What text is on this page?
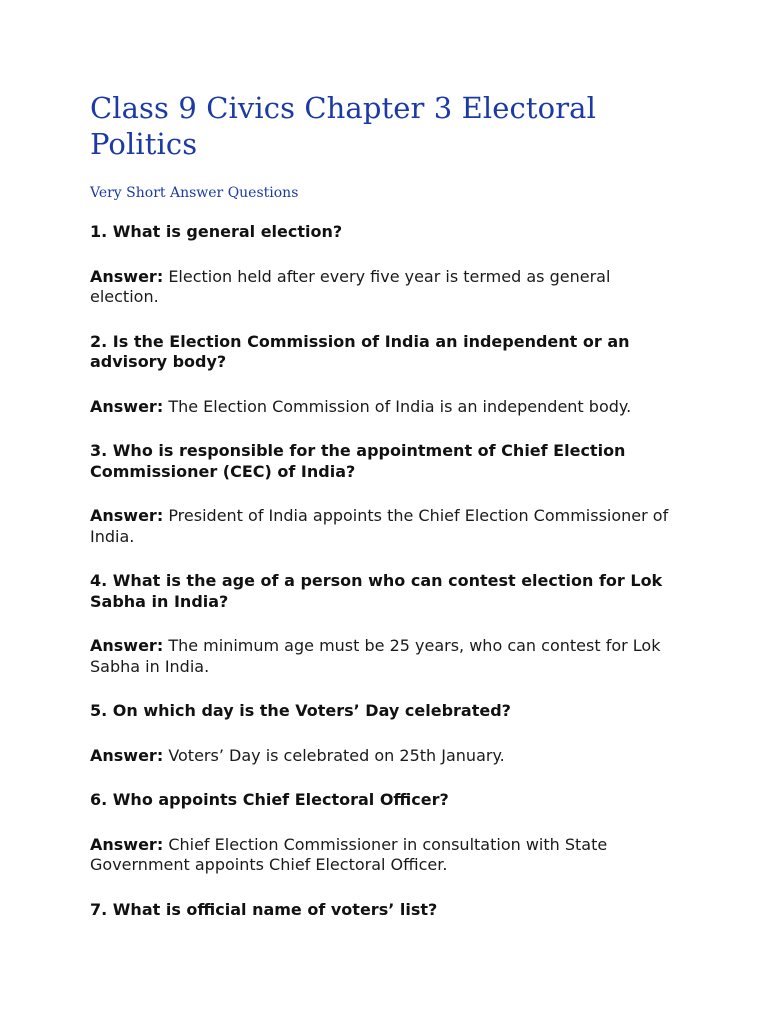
Class 9 Civics Chapter 3 Electoral Politics
Very Short Answer Questions
1. What is general election?
Answer: Election held after every five year is termed as general election.
2. Is the Election Commission of India an independent or an advisory body?
Answer: The Election Commission of India is an independent body.
3. Who is responsible for the appointment of Chief Election Commissioner (CEC) of India?
Answer: President of India appoints the Chief Election Commissioner of India.
4. What is the age of a person who can contest election for Lok Sabha in India?
Answer: The minimum age must be 25 years, who can contest for Lok Sabha in India.
5. On which day is the Voters’ Day celebrated?
Answer: Voters’ Day is celebrated on 25th January.
6. Who appoints Chief Electoral Officer?
Answer: Chief Election Commissioner in consultation with State Government appoints Chief Electoral Officer.
7. What is official name of voters’ list?
